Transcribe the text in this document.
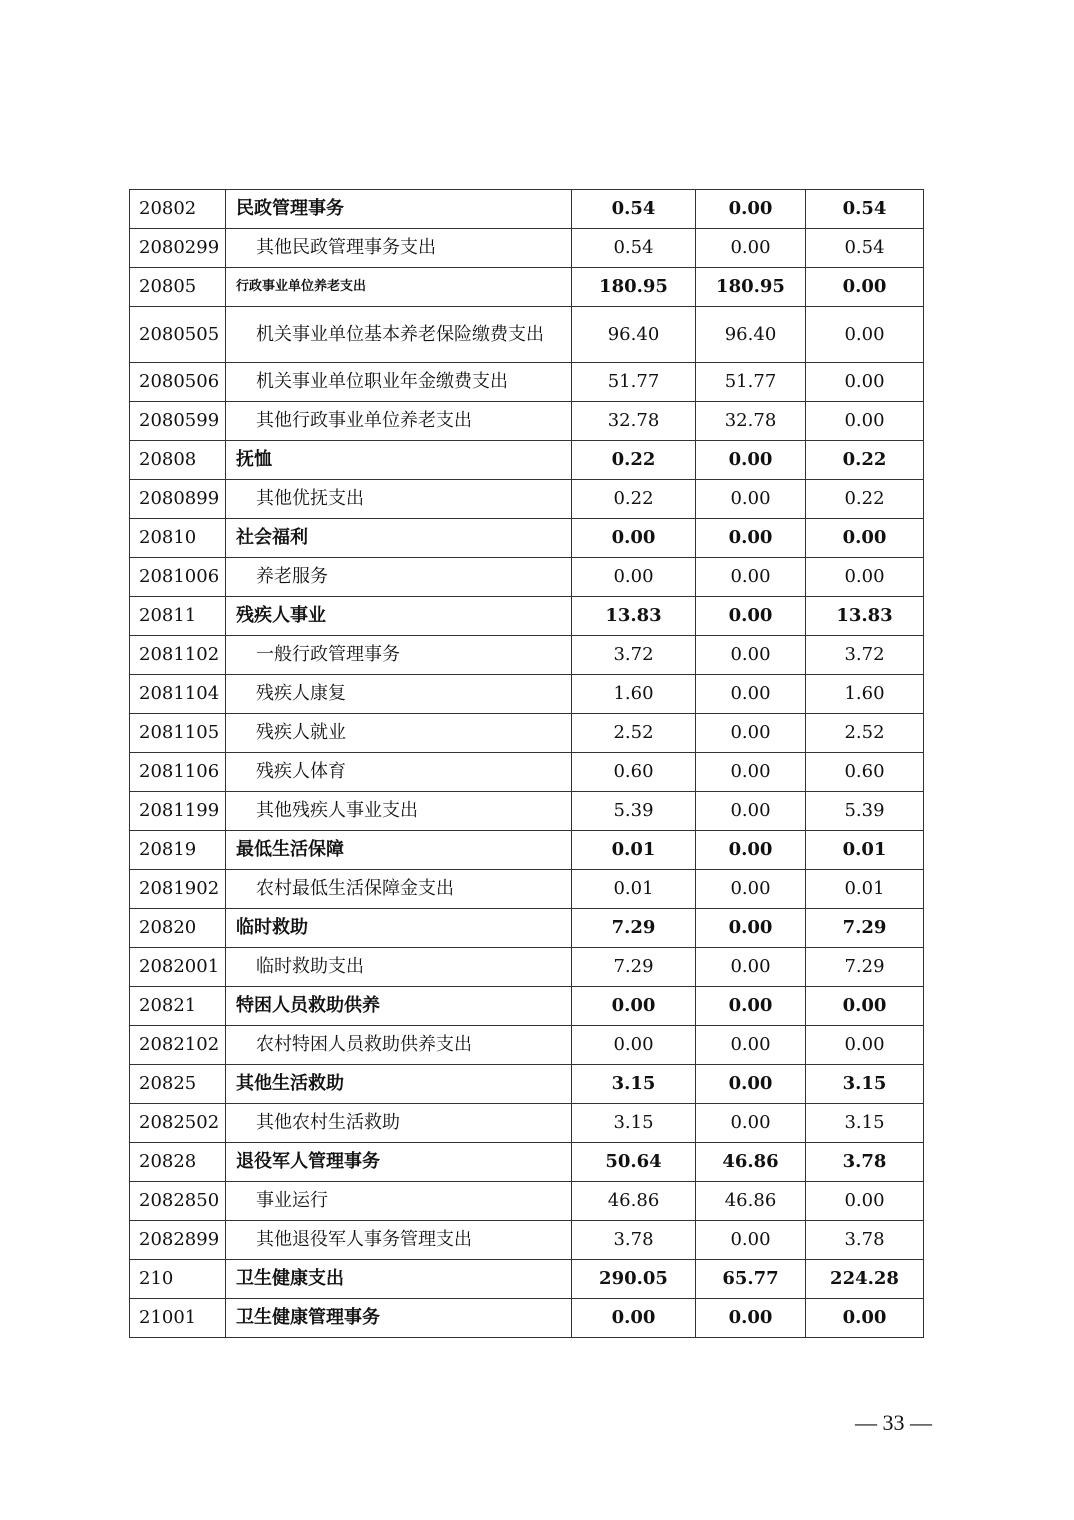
20802	民政管理事务	0.54	0.00	0.54
2080299	其他民政管理事务支出	0.54	0.00	0.54
20805	行政事业单位养老支出	180.95	180.95	0.00
2080505	机关事业单位基本养老保险缴费支出	96.40	96.40	0.00
2080506	机关事业单位职业年金缴费支出	51.77	51.77	0.00
2080599	其他行政事业单位养老支出	32.78	32.78	0.00
20808	抚恤	0.22	0.00	0.22
2080899	其他优抚支出	0.22	0.00	0.22
20810	社会福利	0.00	0.00	0.00
2081006	养老服务	0.00	0.00	0.00
20811	残疾人事业	13.83	0.00	13.83
2081102	一般行政管理事务	3.72	0.00	3.72
2081104	残疾人康复	1.60	0.00	1.60
2081105	残疾人就业	2.52	0.00	2.52
2081106	残疾人体育	0.60	0.00	0.60
2081199	其他残疾人事业支出	5.39	0.00	5.39
20819	最低生活保障	0.01	0.00	0.01
2081902	农村最低生活保障金支出	0.01	0.00	0.01
20820	临时救助	7.29	0.00	7.29
2082001	临时救助支出	7.29	0.00	7.29
20821	特困人员救助供养	0.00	0.00	0.00
2082102	农村特困人员救助供养支出	0.00	0.00	0.00
20825	其他生活救助	3.15	0.00	3.15
2082502	其他农村生活救助	3.15	0.00	3.15
20828	退役军人管理事务	50.64	46.86	3.78
2082850	事业运行	46.86	46.86	0.00
2082899	其他退役军人事务管理支出	3.78	0.00	3.78
210	卫生健康支出	290.05	65.77	224.28
21001	卫生健康管理事务	0.00	0.00	0.00
— 33 —
